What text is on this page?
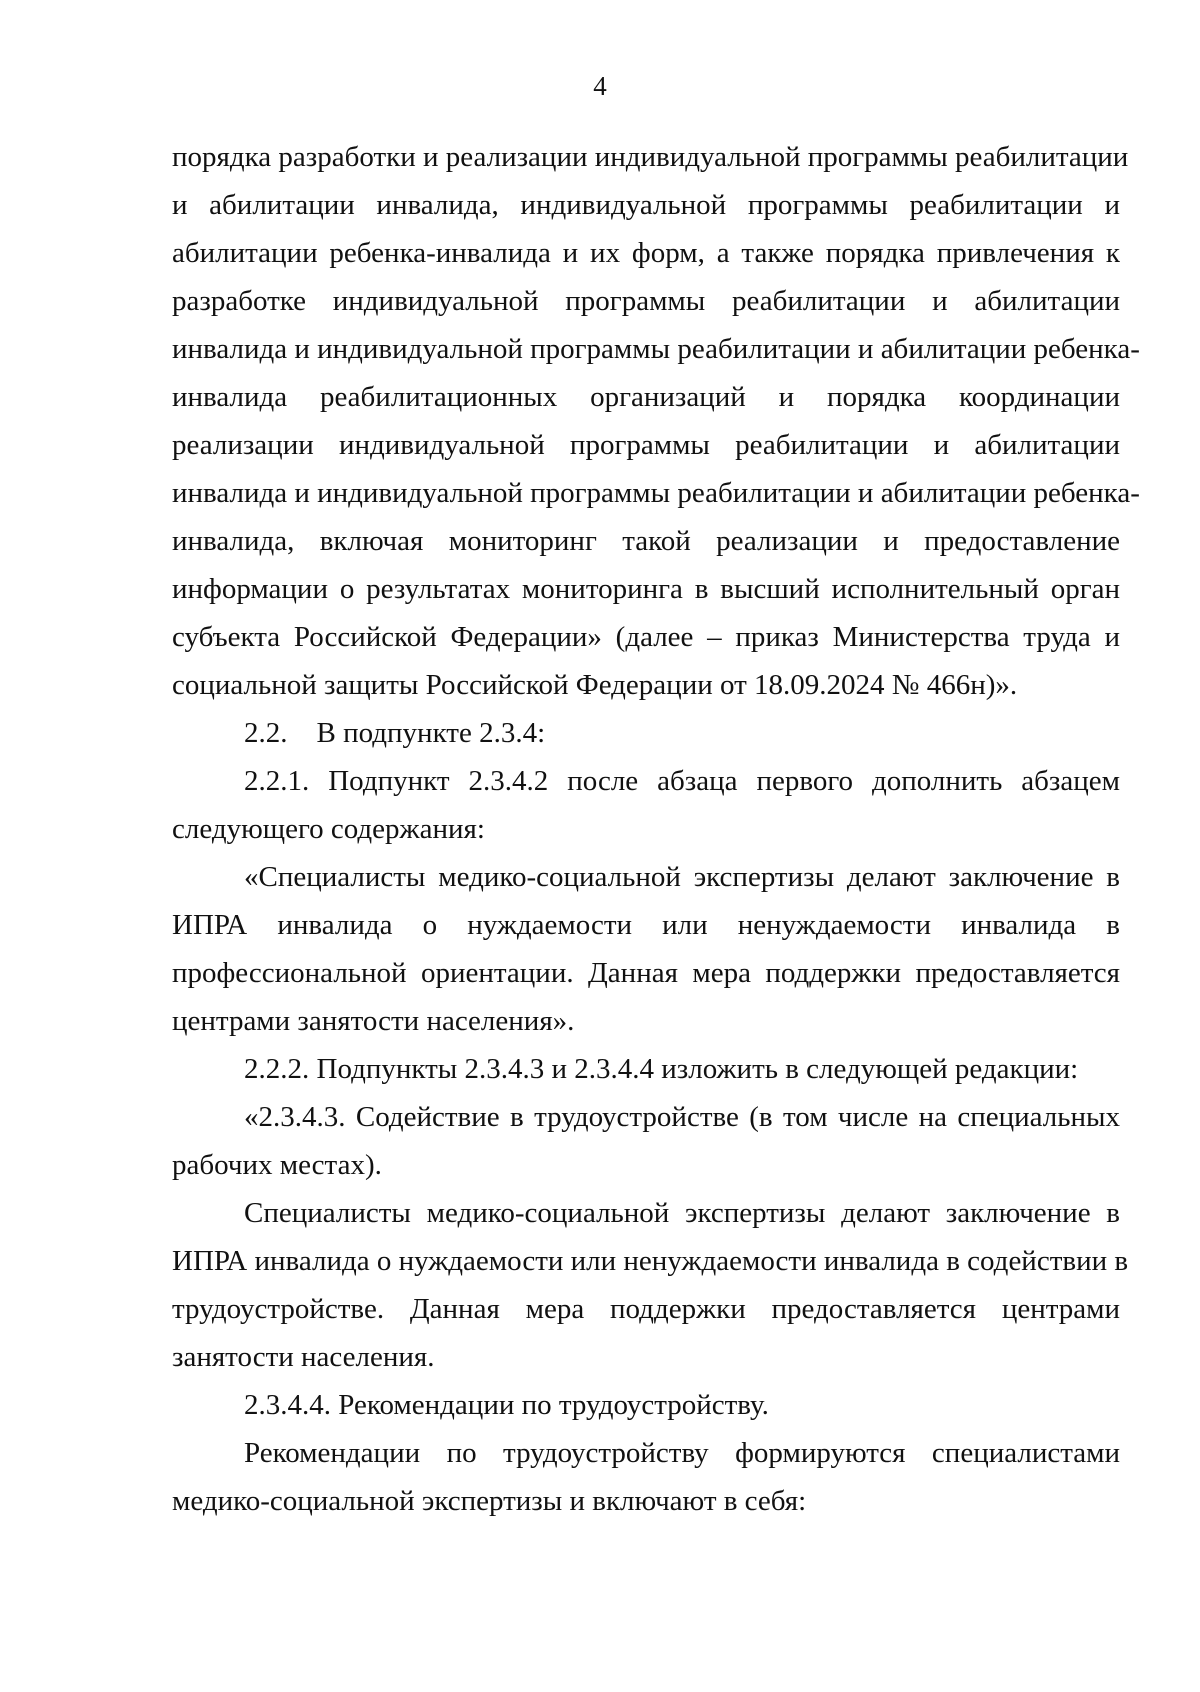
4
порядка разработки и реализации индивидуальной программы реабилитации
и абилитации инвалида, индивидуальной программы реабилитации и
абилитации ребенка-инвалида и их форм, а также порядка привлечения к
разработке индивидуальной программы реабилитации и абилитации
инвалида и индивидуальной программы реабилитации и абилитации ребенка-
инвалида реабилитационных организаций и порядка координации
реализации индивидуальной программы реабилитации и абилитации
инвалида и индивидуальной программы реабилитации и абилитации ребенка-
инвалида, включая мониторинг такой реализации и предоставление
информации о результатах мониторинга в высший исполнительный орган
субъекта Российской Федерации» (далее – приказ Министерства труда и
социальной защиты Российской Федерации от 18.09.2024 № 466н)».
2.2.    В подпункте 2.3.4:
2.2.1. Подпункт 2.3.4.2 после абзаца первого дополнить абзацем
следующего содержания:
«Специалисты медико-социальной экспертизы делают заключение в
ИПРА инвалида о нуждаемости или ненуждаемости инвалида в
профессиональной ориентации. Данная мера поддержки предоставляется
центрами занятости населения».
2.2.2. Подпункты 2.3.4.3 и 2.3.4.4 изложить в следующей редакции:
«2.3.4.3. Содействие в трудоустройстве (в том числе на специальных
рабочих местах).
Специалисты медико-социальной экспертизы делают заключение в
ИПРА инвалида о нуждаемости или ненуждаемости инвалида в содействии в
трудоустройстве. Данная мера поддержки предоставляется центрами
занятости населения.
2.3.4.4. Рекомендации по трудоустройству.
Рекомендации по трудоустройству формируются специалистами
медико-социальной экспертизы и включают в себя:
